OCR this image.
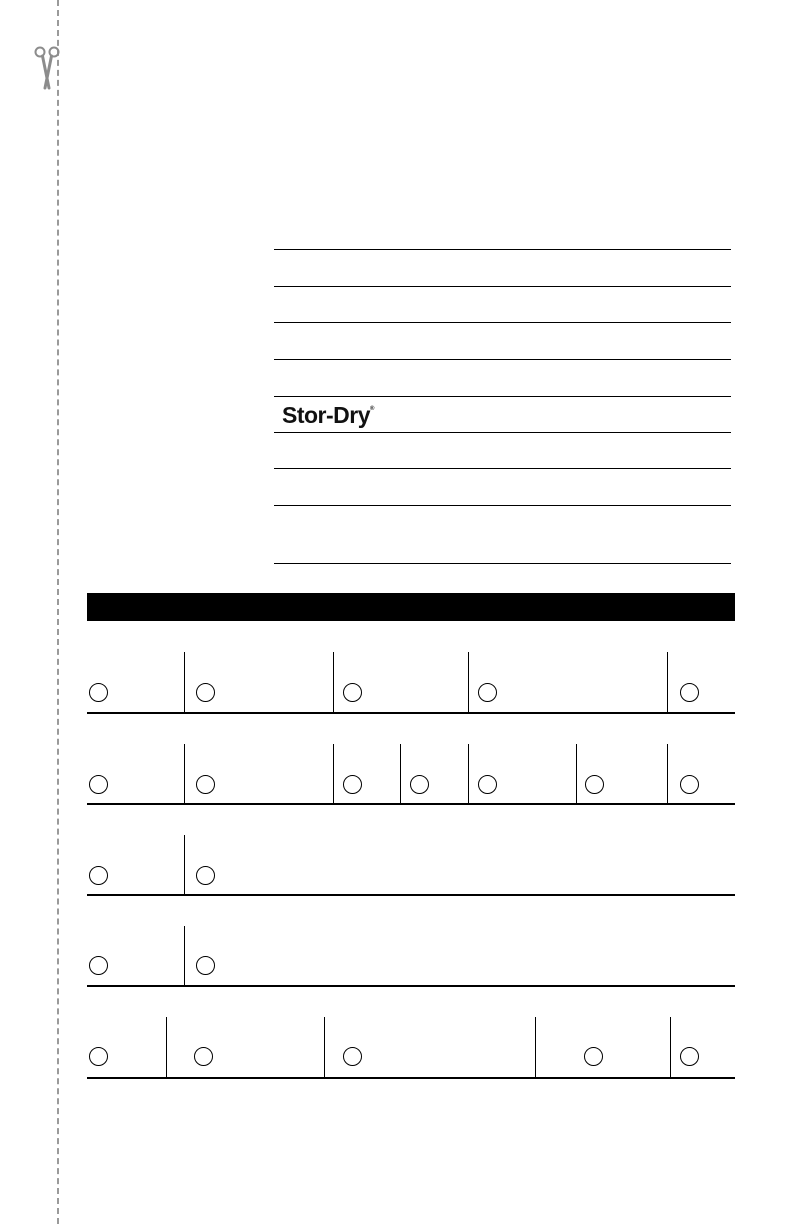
Stor-Dry®
